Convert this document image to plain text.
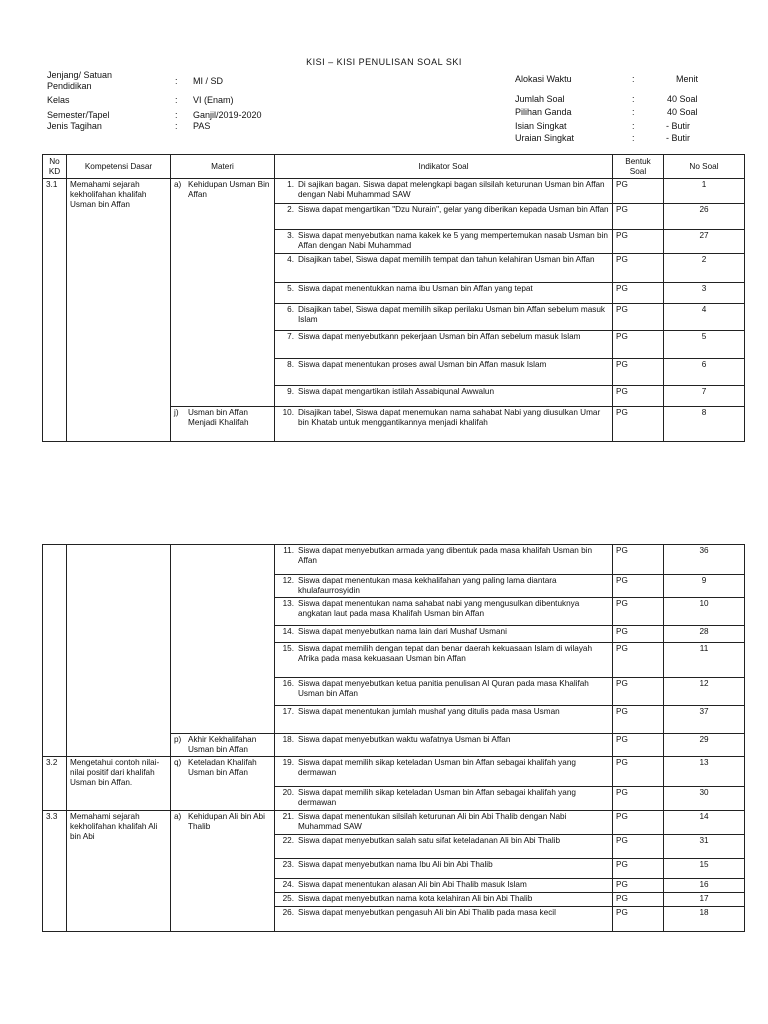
KISI – KISI PENULISAN SOAL SKI
Jenjang/ Satuan
Pendidikan	: MI / SD
Kelas	: VI (Enam)
Semester/Tapel	: Ganjil/2019-2020
Jenis Tagihan	: PAS
Alokasi Waktu	:	Menit
Jumlah Soal	:	40 Soal
Pilihan Ganda	:	40 Soal
Isian Singkat	:	- Butir
Uraian Singkat	:	- Butir
No KD	Kompetensi Dasar	Materi	Indikator Soal	Bentuk Soal	No Soal
3.1	Memahami sejarah kekholifahan khalifah Usman bin Affan	a) Kehidupan Usman Bin Affan	1. Di sajikan bagan. Siswa dapat melengkapi bagan silsilah keturunan Usman bin Affan dengan Nabi Muhammad SAW	PG	1

			2. Siswa dapat mengartikan "Dzu Nurain", gelar yang diberikan kepada Usman bin Affan	PG	26

			3. Siswa dapat menyebutkan nama kakek ke 5 yang mempertemukan nasab Usman bin Affan dengan Nabi Muhammad	PG	27

			4. Disajikan tabel, Siswa dapat memilih tempat dan tahun kelahiran Usman bin Affan	PG	2

			5. Siswa dapat menentukkan nama ibu Usman bin Affan yang tepat	PG	3

			6. Disajikan tabel, Siswa dapat memilih sikap perilaku Usman bin Affan sebelum masuk Islam	PG	4

			7. Siswa dapat menyebutkann pekerjaan Usman bin Affan sebelum masuk Islam	PG	5

			8. Siswa dapat menentukan proses awal Usman bin Affan masuk Islam	PG	6

			9. Siswa dapat mengartikan istilah Assabiqunal Awwalun	PG	7

		j) Usman bin Affan Menjadi Khalifah	10. Disajikan tabel, Siswa dapat menemukan nama sahabat Nabi yang diusulkan Umar bin Khatab untuk menggantikannya menjadi khalifah	PG	8

			11. Siswa dapat menyebutkan armada yang dibentuk pada masa khalifah Usman bin Affan	PG	36

			12. Siswa dapat menentukan masa kekhalifahan yang paling lama diantara khulafaurrosyidin	PG	9

			13. Siswa dapat menentukan nama sahabat nabi yang mengusulkan dibentuknya angkatan laut pada masa Khalifah Usman bin Affan	PG	10

			14. Siswa dapat menyebutkan nama lain dari Mushaf Usmani	PG	28

			15. Siswa dapat memilih dengan tepat dan benar daerah kekuasaan Islam di wilayah Afrika pada masa kekuasaan Usman bin Affan	PG	11

			16. Siswa dapat menyebutkan ketua panitia penulisan Al Quran pada masa Khalifah Usman bin Affan	PG	12

			17. Siswa dapat menentukan jumlah mushaf yang ditulis pada masa Usman	PG	37

		p) Akhir Kekhalifahan Usman bin Affan	18. Siswa dapat menyebutkan waktu wafatnya Usman bi Affan	PG	29
3.2	Mengetahui contoh nilai-nilai positif dari khalifah Usman bin Affan.	q) Keteladan Khalifah Usman bin Affan	19. Siswa dapat memilih sikap keteladan Usman bin Affan sebagai khalifah yang dermawan	PG	13

			20. Siswa dapat memilih sikap keteladan Usman bin Affan sebagai khalifah yang dermawan	PG	30
3.3	Memahami sejarah kekholifahan khalifah Ali bin Abi	a) Kehidupan Ali bin Abi Thalib	21. Siswa dapat menentukan silsilah keturunan Ali bin Abi Thalib dengan Nabi Muhammad SAW	PG	14

			22. Siswa dapat menyebutkan salah satu sifat keteladanan Ali bin Abi Thalib	PG	31

			23. Siswa dapat menyebutkan nama Ibu Ali bin Abi Thalib	PG	15

			24. Siswa dapat menentukan alasan Ali bin Abi Thalib masuk Islam	PG	16

			25. Siswa dapat menyebutkan nama kota kelahiran Ali bin Abi Thalib	PG	17

			26. Siswa dapat menyebutkan pengasuh Ali bin Abi Thalib pada masa kecil	PG	18
